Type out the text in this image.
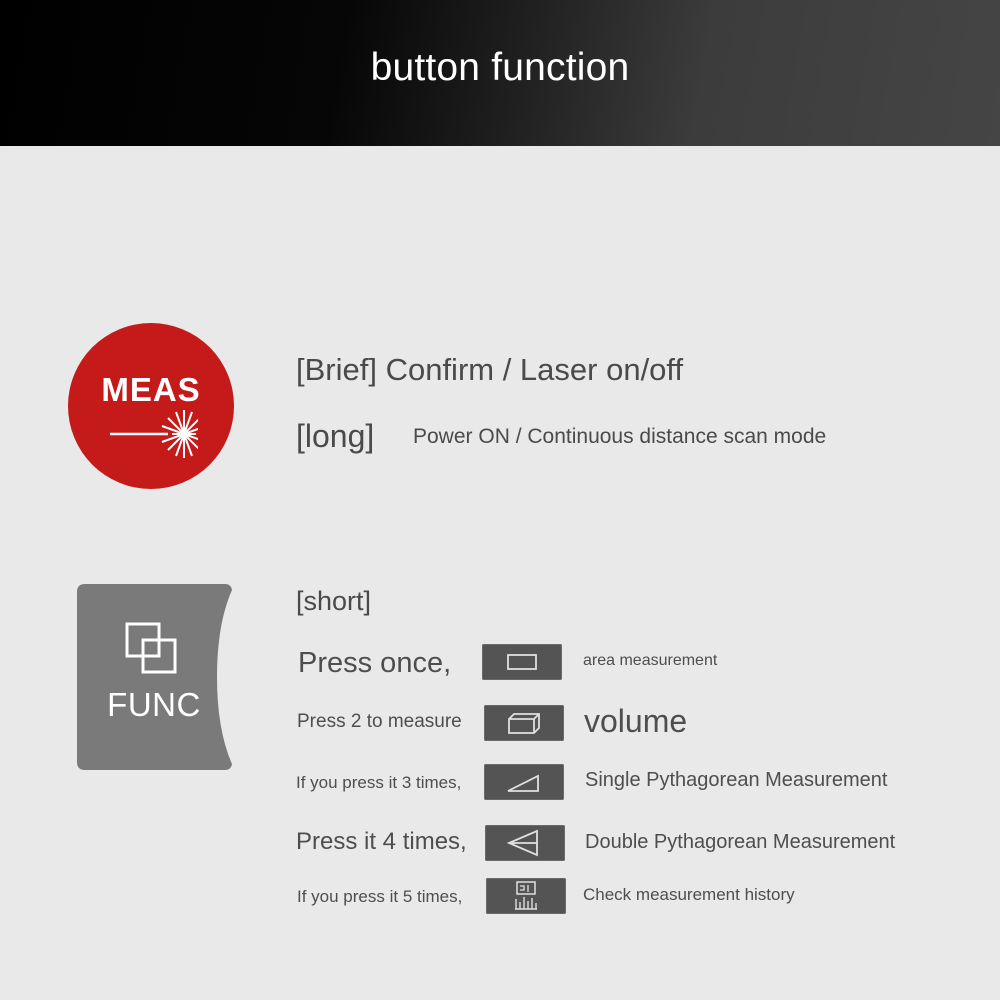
button function
MEAS
[Brief] Confirm / Laser on/off
[long] Power ON / Continuous distance scan mode
FUNC
[short]
Press once,	area measurement
Press 2 to measure	volume
If you press it 3 times,	Single Pythagorean Measurement
Press it 4 times,	Double Pythagorean Measurement
If you press it 5 times,	Check measurement history
